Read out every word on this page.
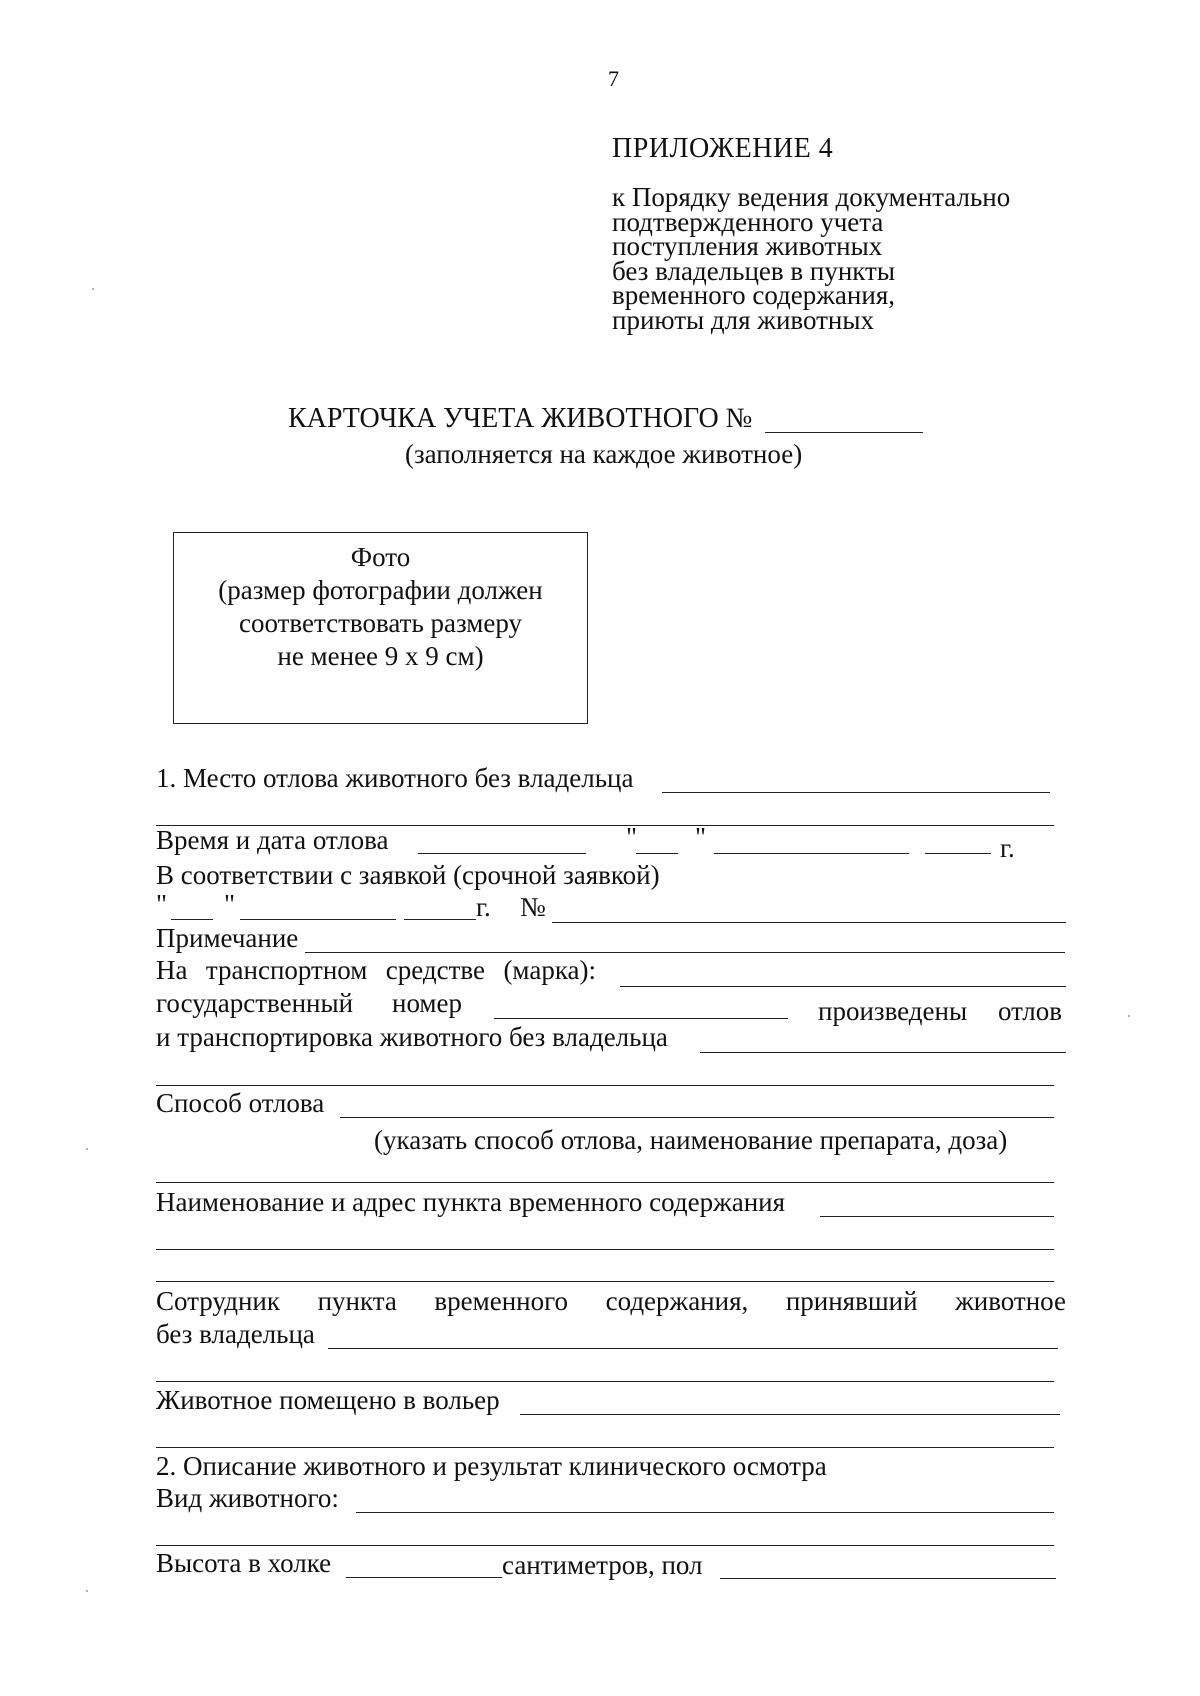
7
ПРИЛОЖЕНИЕ 4
к Порядку ведения документально
подтвержденного учета
поступления животных
без владельцев в пункты
временного содержания,
приюты для животных
КАРТОЧКА УЧЕТА ЖИВОТНОГО №
(заполняется на каждое животное)
Фото
(размер фотографии должен
соответствовать размеру
не менее 9 х 9 см)
1. Место отлова животного без владельца
Время и дата отлова	" "	г.
В соответствии с заявкой (срочной заявкой)
" "	г. №
Примечание
На транспортном средстве (марка):
государственный номер	произведены отлов
и транспортировка животного без владельца
Способ отлова
(указать способ отлова, наименование препарата, доза)
Наименование и адрес пункта временного содержания
Сотрудник пункта временного содержания, принявший животное
без владельца
Животное помещено в вольер
2. Описание животного и результат клинического осмотра
Вид животного:
Высота в холке	сантиметров, пол
